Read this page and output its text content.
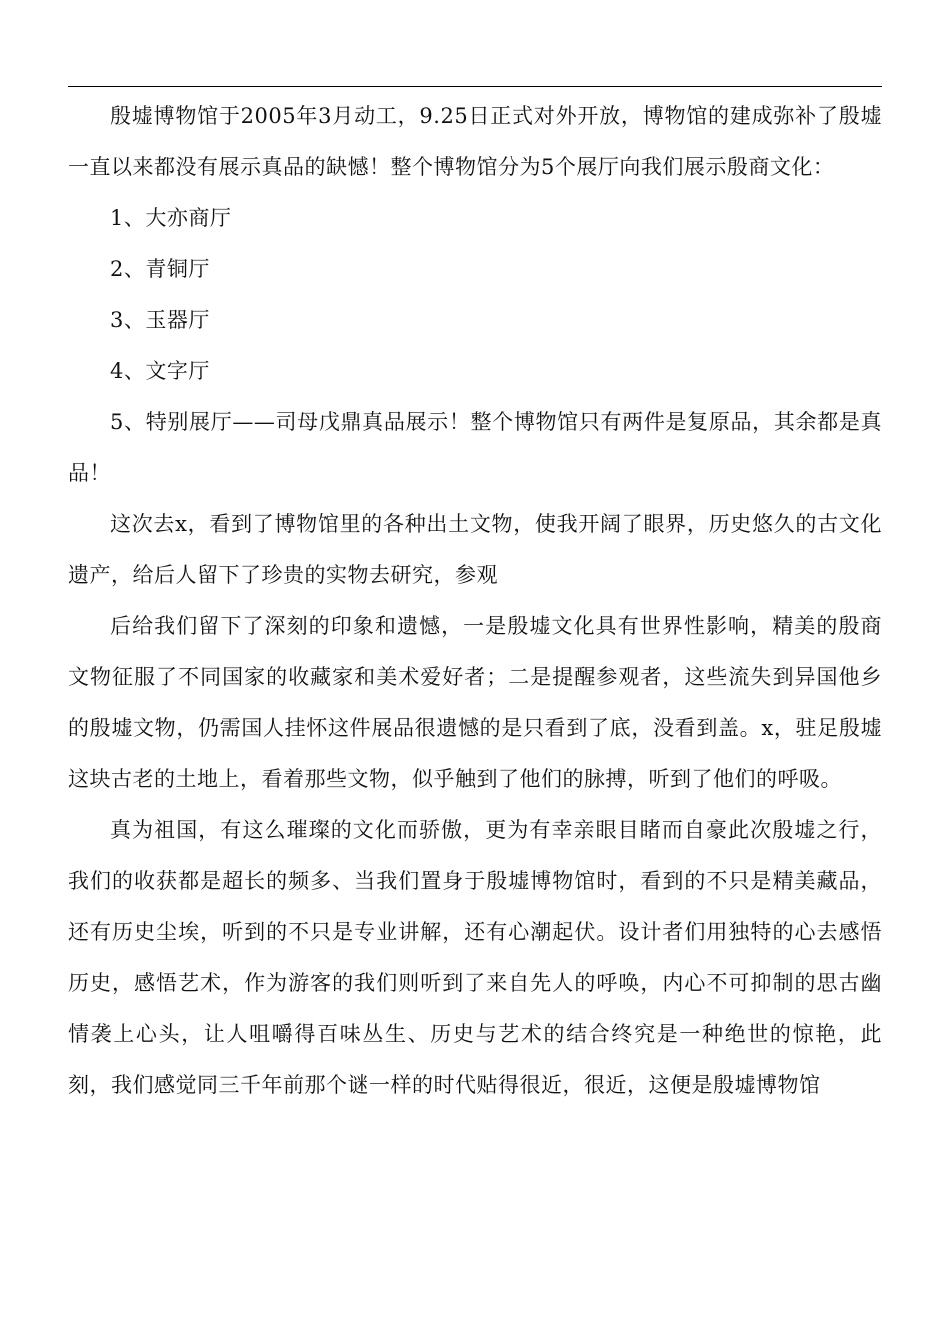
殷墟博物馆于2005年3月动工，9.25日正式对外开放，博物馆的建成弥补了殷墟一直以来都没有展示真品的缺憾！整个博物馆分为5个展厅向我们展示殷商文化：

1、大亦商厅

2、青铜厅

3、玉器厅

4、文字厅

5、特别展厅——司母戊鼎真品展示！整个博物馆只有两件是复原品，其余都是真品！

这次去x，看到了博物馆里的各种出土文物，使我开阔了眼界，历史悠久的古文化遗产，给后人留下了珍贵的实物去研究，参观

后给我们留下了深刻的印象和遗憾，一是殷墟文化具有世界性影响，精美的殷商文物征服了不同国家的收藏家和美术爱好者；二是提醒参观者，这些流失到异国他乡的殷墟文物，仍需国人挂怀这件展品很遗憾的是只看到了底，没看到盖。x，驻足殷墟这块古老的土地上，看着那些文物，似乎触到了他们的脉搏，听到了他们的呼吸。

真为祖国，有这么璀璨的文化而骄傲，更为有幸亲眼目睹而自豪此次殷墟之行，我们的收获都是超长的频多、当我们置身于殷墟博物馆时，看到的不只是精美藏品，还有历史尘埃，听到的不只是专业讲解，还有心潮起伏。设计者们用独特的心去感悟历史，感悟艺术，作为游客的我们则听到了来自先人的呼唤，内心不可抑制的思古幽情袭上心头，让人咀嚼得百味丛生、历史与艺术的结合终究是一种绝世的惊艳，此刻，我们感觉同三千年前那个谜一样的时代贴得很近，很近，这便是殷墟博物馆
